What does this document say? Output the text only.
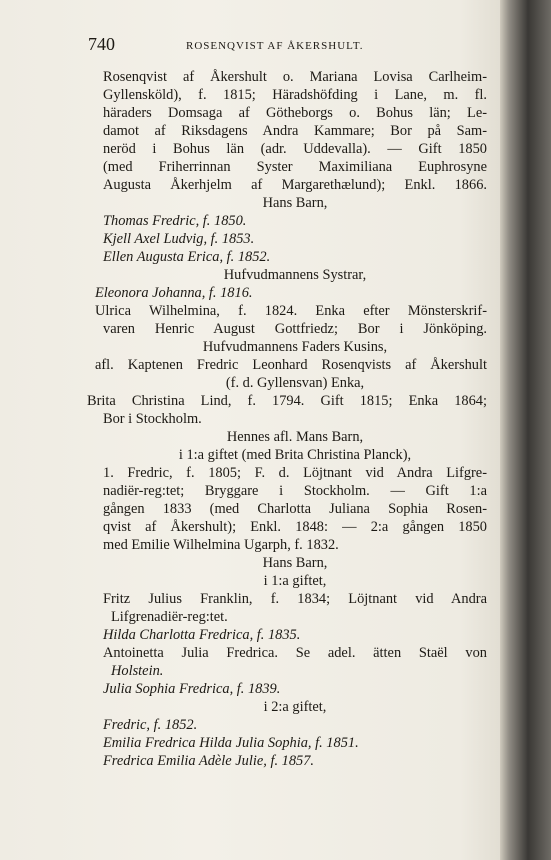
740	ROSENQVIST AF ÅKERSHULT.
Rosenqvist af Åkershult o. Mariana Lovisa Carlheim-
Gyllensköld), f. 1815; Häradshöfding i Lane, m. fl.
häraders Domsaga af Götheborgs o. Bohus län; Le-
damot af Riksdagens Andra Kammare; Bor på Sam-
neröd i Bohus län (adr. Uddevalla). — Gift 1850
(med Friherrinnan Syster Maximiliana Euphrosyne
Augusta Åkerhjelm af Margarethælund); Enkl. 1866.
Hans Barn,
Thomas Fredric, f. 1850.
Kjell Axel Ludvig, f. 1853.
Ellen Augusta Erica, f. 1852.
Hufvudmannens Systrar,
Eleonora Johanna, f. 1816.
Ulrica Wilhelmina, f. 1824. Enka efter Mönsterskrif-
varen Henric August Gottfriedz; Bor i Jönköping.
Hufvudmannens Faders Kusins,
afl. Kaptenen Fredric Leonhard Rosenqvists af Åkershult
(f. d. Gyllensvan) Enka,
Brita Christina Lind, f. 1794. Gift 1815; Enka 1864;
Bor i Stockholm.
Hennes afl. Mans Barn,
i 1:a giftet (med Brita Christina Planck),
1. Fredric, f. 1805; F. d. Löjtnant vid Andra Lifgre-
nadiër-reg:tet; Bryggare i Stockholm. — Gift 1:a
gången 1833 (med Charlotta Juliana Sophia Rosen-
qvist af Åkershult); Enkl. 1848: — 2:a gången 1850
med Emilie Wilhelmina Ugarph, f. 1832.
Hans Barn,
i 1:a giftet,
Fritz Julius Franklin, f. 1834; Löjtnant vid Andra
Lifgrenadiër-reg:tet.
Hilda Charlotta Fredrica, f. 1835.
Antoinetta Julia Fredrica. Se adel. ätten Staël von
Holstein.
Julia Sophia Fredrica, f. 1839.
i 2:a giftet,
Fredric, f. 1852.
Emilia Fredrica Hilda Julia Sophia, f. 1851.
Fredrica Emilia Adèle Julie, f. 1857.
